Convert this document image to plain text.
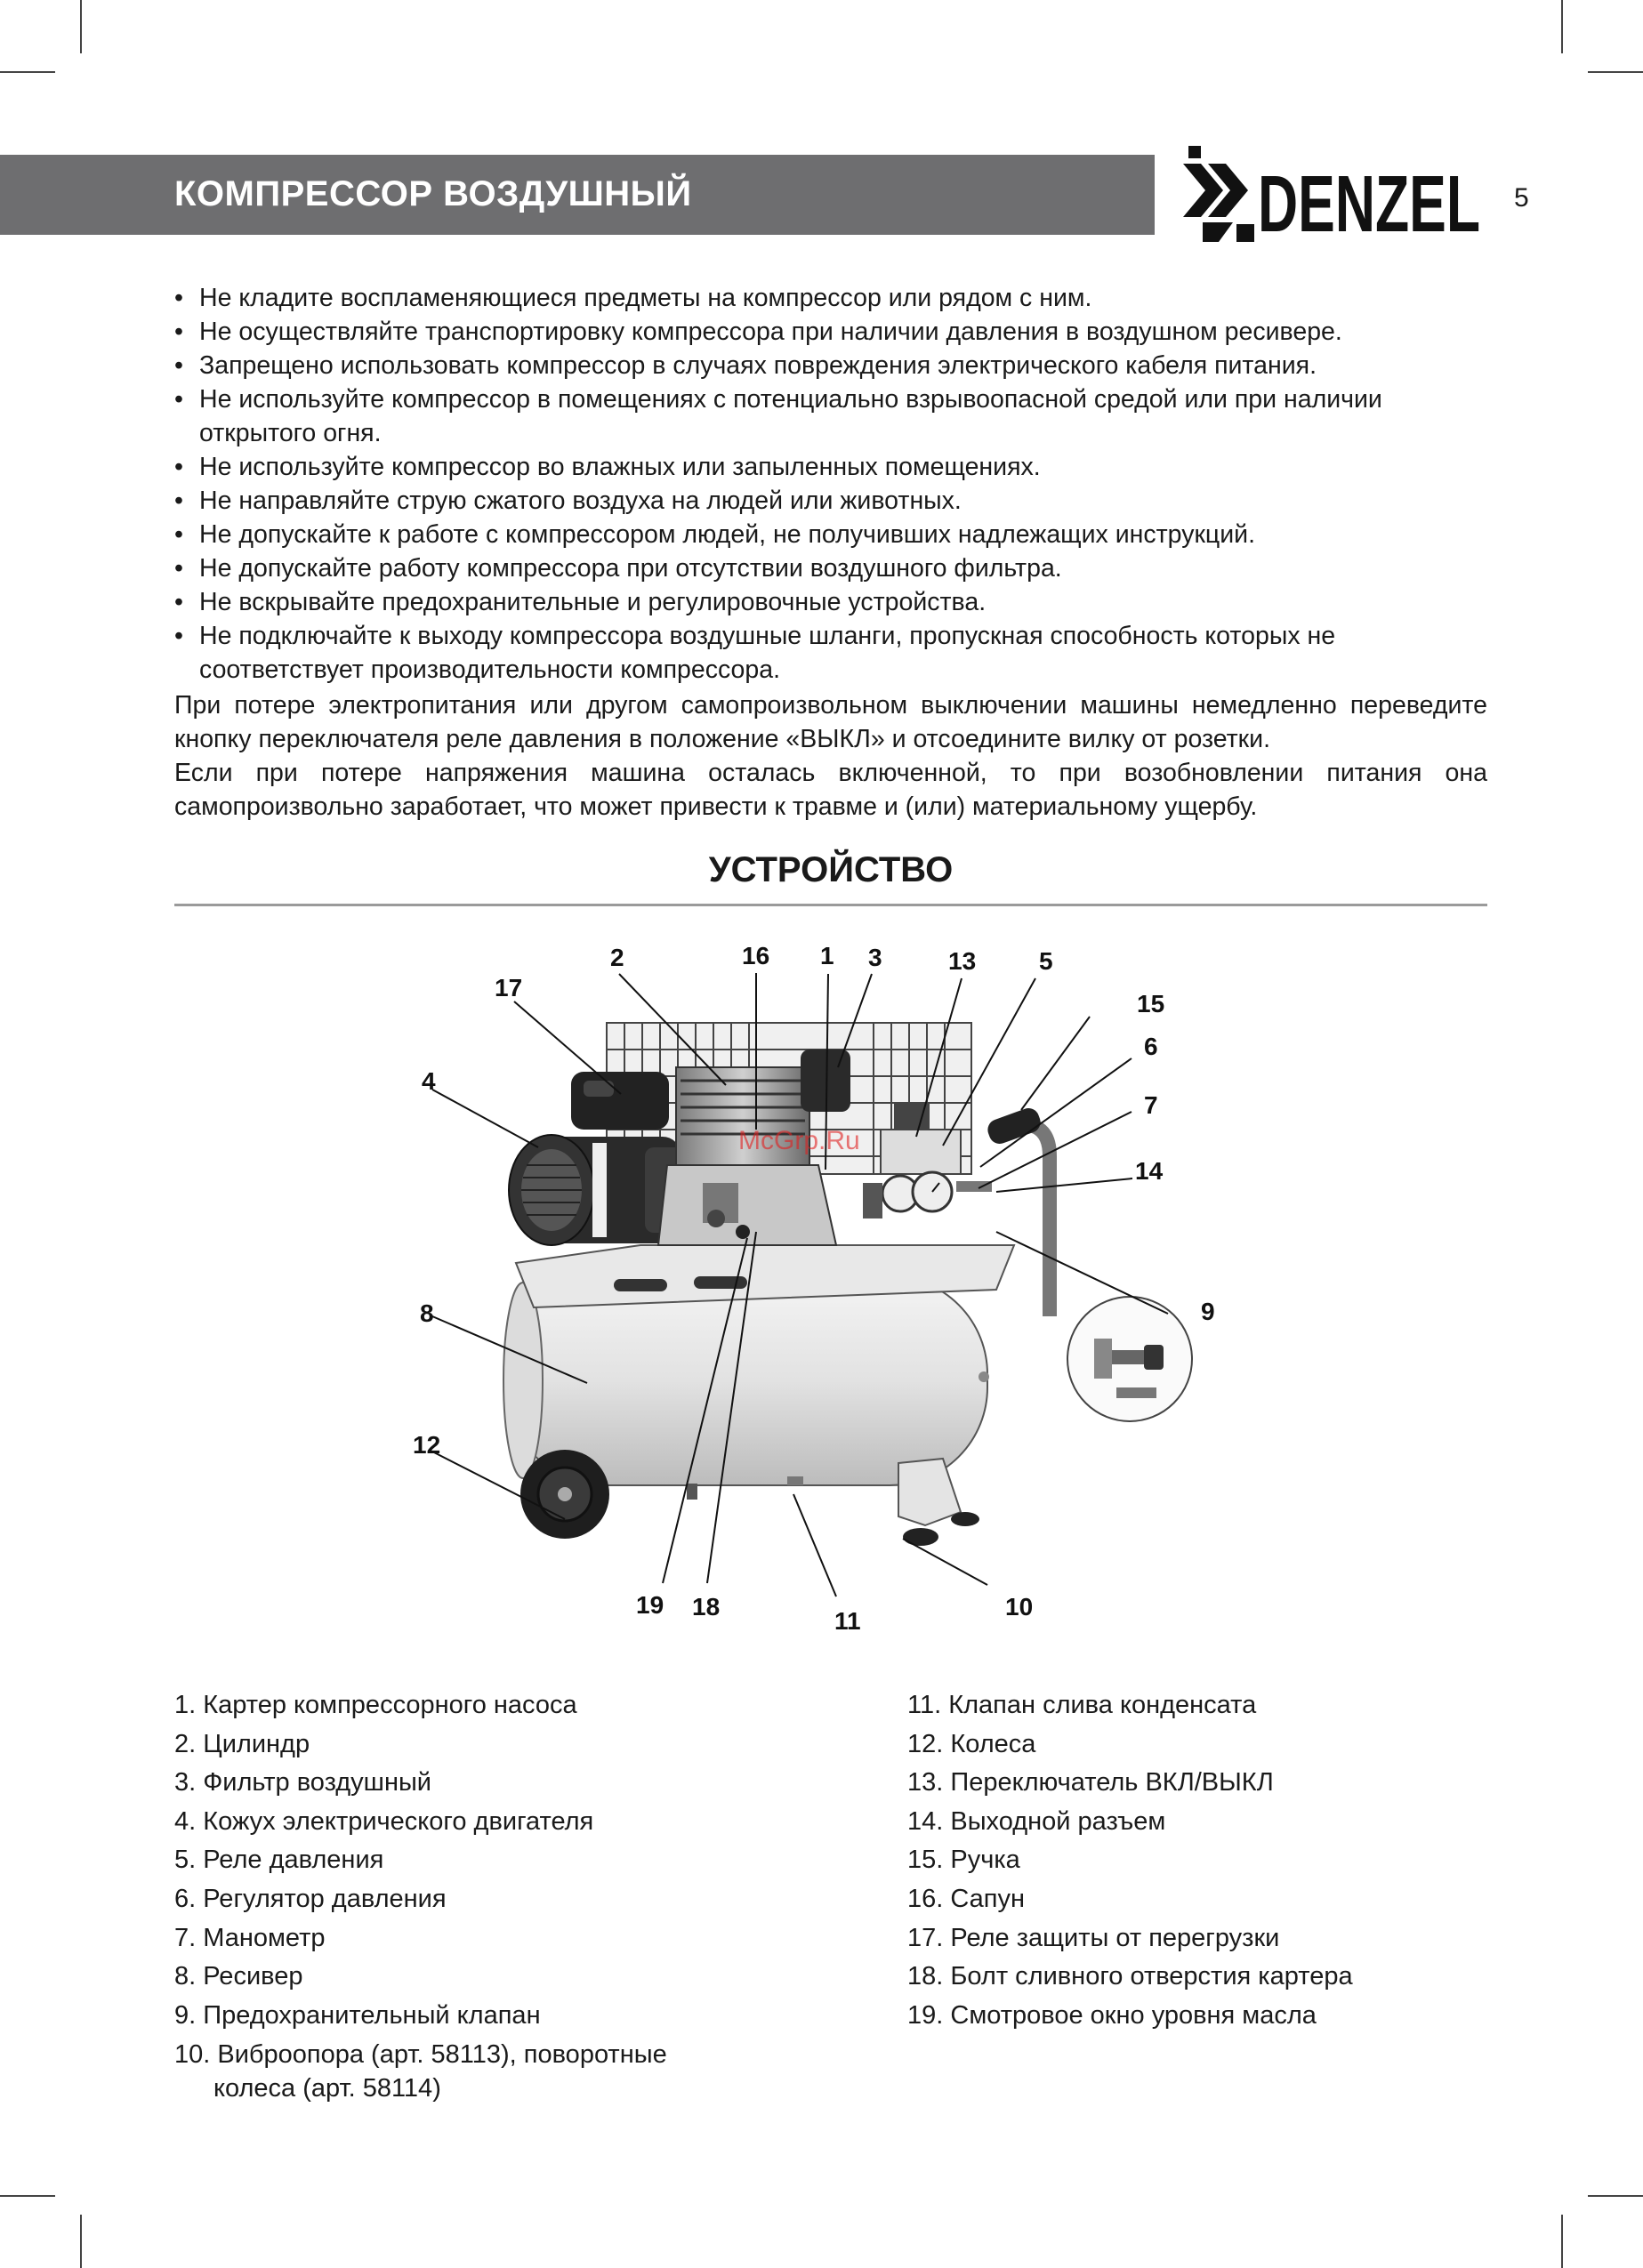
КОМПРЕССОР ВОЗДУШНЫЙ	DENZEL 5
• Не кладите воспламеняющиеся предметы на компрессор или рядом с ним.
• Не осуществляйте транспортировку компрессора при наличии давления в воздушном ресивере.
• Запрещено использовать компрессор в случаях повреждения электрического кабеля питания.
• Не используйте компрессор в помещениях с потенциально взрывоопасной средой или при наличии открытого огня.
• Не используйте компрессор во влажных или запыленных помещениях.
• Не направляйте струю сжатого воздуха на людей или животных.
• Не допускайте к работе с компрессором людей, не получивших надлежащих инструкций.
• Не допускайте работу компрессора при отсутствии воздушного фильтра.
• Не вскрывайте предохранительные и регулировочные устройства.
• Не подключайте к выходу компрессора воздушные шланги, пропускная способность которых не соответствует производительности компрессора.

При потере электропитания или другом самопроизвольном выключении машины немедленно переведите кнопку переключателя реле давления в положение «ВЫКЛ» и отсоедините вилку от розетки.

Если при потере напряжения машина осталась включенной, то при возобновлении питания она самопроизвольно заработает, что может привести к травме и (или) материальному ущербу.

УСТРОЙСТВО
McGrp.Ru
17
2	16 1 3	13	5
15
6
7
14
9
4
8
12
19 18
11
10
1. Картер компрессорного насоса
2. Цилиндр
3. Фильтр воздушный
4. Кожух электрического двигателя
5. Реле давления
6. Регулятор давления
7. Манометр
8. Ресивер
9. Предохранительный клапан
10. Виброопора (арт. 58113), поворотные колеса (арт. 58114)
11. Клапан слива конденсата
12. Колеса
13. Переключатель ВКЛ/ВЫКЛ
14. Выходной разъем
15. Ручка
16. Сапун
17. Реле защиты от перегрузки
18. Болт сливного отверстия картера
19. Смотровое окно уровня масла
